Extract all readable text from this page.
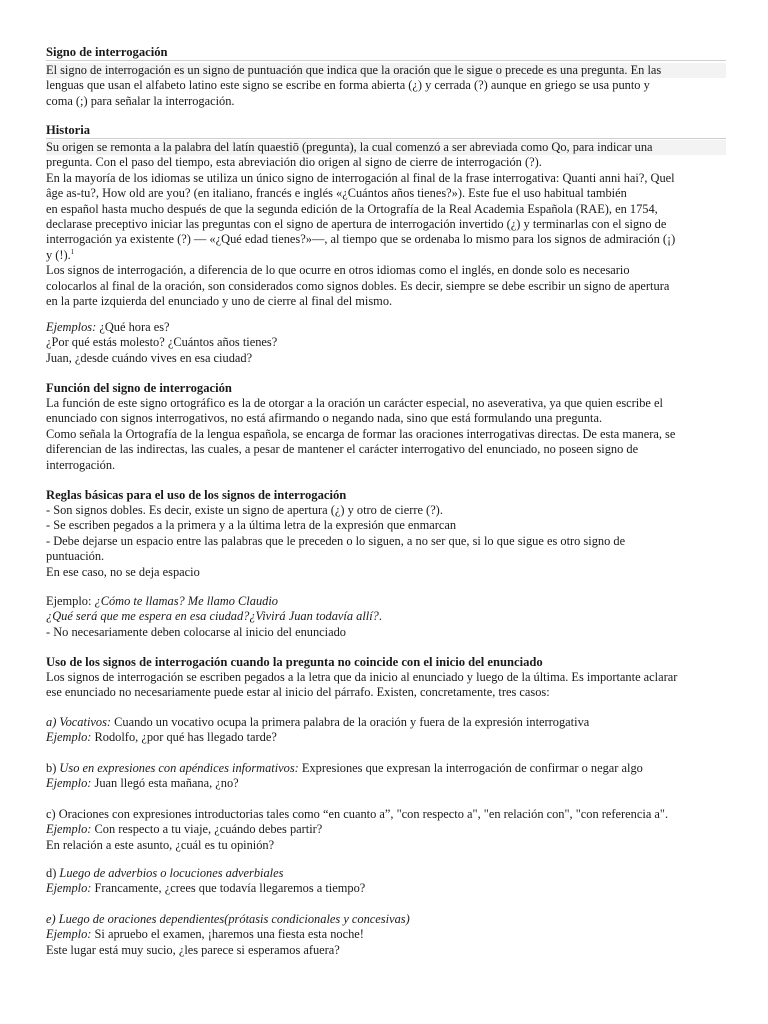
Signo de interrogación
El signo de interrogación es un signo de puntuación que indica que la oración que le sigue o precede es una pregunta. En las
lenguas que usan el alfabeto latino este signo se escribe en forma abierta (¿) y cerrada (?) aunque en griego se usa punto y
coma (;) para señalar la interrogación.
Historia
Su origen se remonta a la palabra del latín quaestiō (pregunta), la cual comenzó a ser abreviada como Qo, para indicar una
pregunta. Con el paso del tiempo, esta abreviación dio origen al signo de cierre de interrogación (?).
En la mayoría de los idiomas se utiliza un único signo de interrogación al final de la frase interrogativa: Quanti anni hai?, Quel
âge as-tu?, How old are you? (en italiano, francés e inglés «¿Cuántos años tienes?»). Este fue el uso habitual también
en español hasta mucho después de que la segunda edición de la Ortografía de la Real Academia Española (RAE), en 1754,
declarase preceptivo iniciar las preguntas con el signo de apertura de interrogación invertido (¿) y terminarlas con el signo de
interrogación ya existente (?) — «¿Qué edad tienes?»—, al tiempo que se ordenaba lo mismo para los signos de admiración (¡)
y (!).$^1$
Los signos de interrogación, a diferencia de lo que ocurre en otros idiomas como el inglés, en donde solo es necesario
colocarlos al final de la oración, son considerados como signos dobles. Es decir, siempre se debe escribir un signo de apertura
en la parte izquierda del enunciado y uno de cierre al final del mismo.
Ejemplos: ¿Qué hora es?
¿Por qué estás molesto? ¿Cuántos años tienes?
Juan, ¿desde cuándo vives en esa ciudad?
Función del signo de interrogación
La función de este signo ortográfico es la de otorgar a la oración un carácter especial, no aseverativa, ya que quien escribe el
enunciado con signos interrogativos, no está afirmando o negando nada, sino que está formulando una pregunta.
Como señala la Ortografía de la lengua española, se encarga de formar las oraciones interrogativas directas. De esta manera, se
diferencian de las indirectas, las cuales, a pesar de mantener el carácter interrogativo del enunciado, no poseen signo de
interrogación.
Reglas básicas para el uso de los signos de interrogación
- Son signos dobles. Es decir, existe un signo de apertura (¿) y otro de cierre (?).
- Se escriben pegados a la primera y a la última letra de la expresión que enmarcan
- Debe dejarse un espacio entre las palabras que le preceden o lo siguen, a no ser que, si lo que sigue es otro signo de
puntuación.
En ese caso, no se deja espacio
Ejemplo: ¿Cómo te llamas? Me llamo Claudio
¿Qué será que me espera en esa ciudad?¿Vivirá Juan todavía allí?.
- No necesariamente deben colocarse al inicio del enunciado
Uso de los signos de interrogación cuando la pregunta no coincide con el inicio del enunciado
Los signos de interrogación se escriben pegados a la letra que da inicio al enunciado y luego de la última. Es importante aclarar
ese enunciado no necesariamente puede estar al inicio del párrafo. Existen, concretamente, tres casos:
a) Vocativos: Cuando un vocativo ocupa la primera palabra de la oración y fuera de la expresión interrogativa
Ejemplo: Rodolfo, ¿por qué has llegado tarde?
b) Uso en expresiones con apéndices informativos: Expresiones que expresan la interrogación de confirmar o negar algo
Ejemplo: Juan llegó esta mañana, ¿no?
c) Oraciones con expresiones introductorias tales como “en cuanto a”, "con respecto a", "en relación con", "con referencia a".
Ejemplo: Con respecto a tu viaje, ¿cuándo debes partir?
En relación a este asunto, ¿cuál es tu opinión?
d) Luego de adverbios o locuciones adverbiales
Ejemplo: Francamente, ¿crees que todavía llegaremos a tiempo?
e) Luego de oraciones dependientes(prótasis condicionales y concesivas)
Ejemplo: Si apruebo el examen, ¡haremos una fiesta esta noche!
Este lugar está muy sucio, ¿les parece si esperamos afuera?
